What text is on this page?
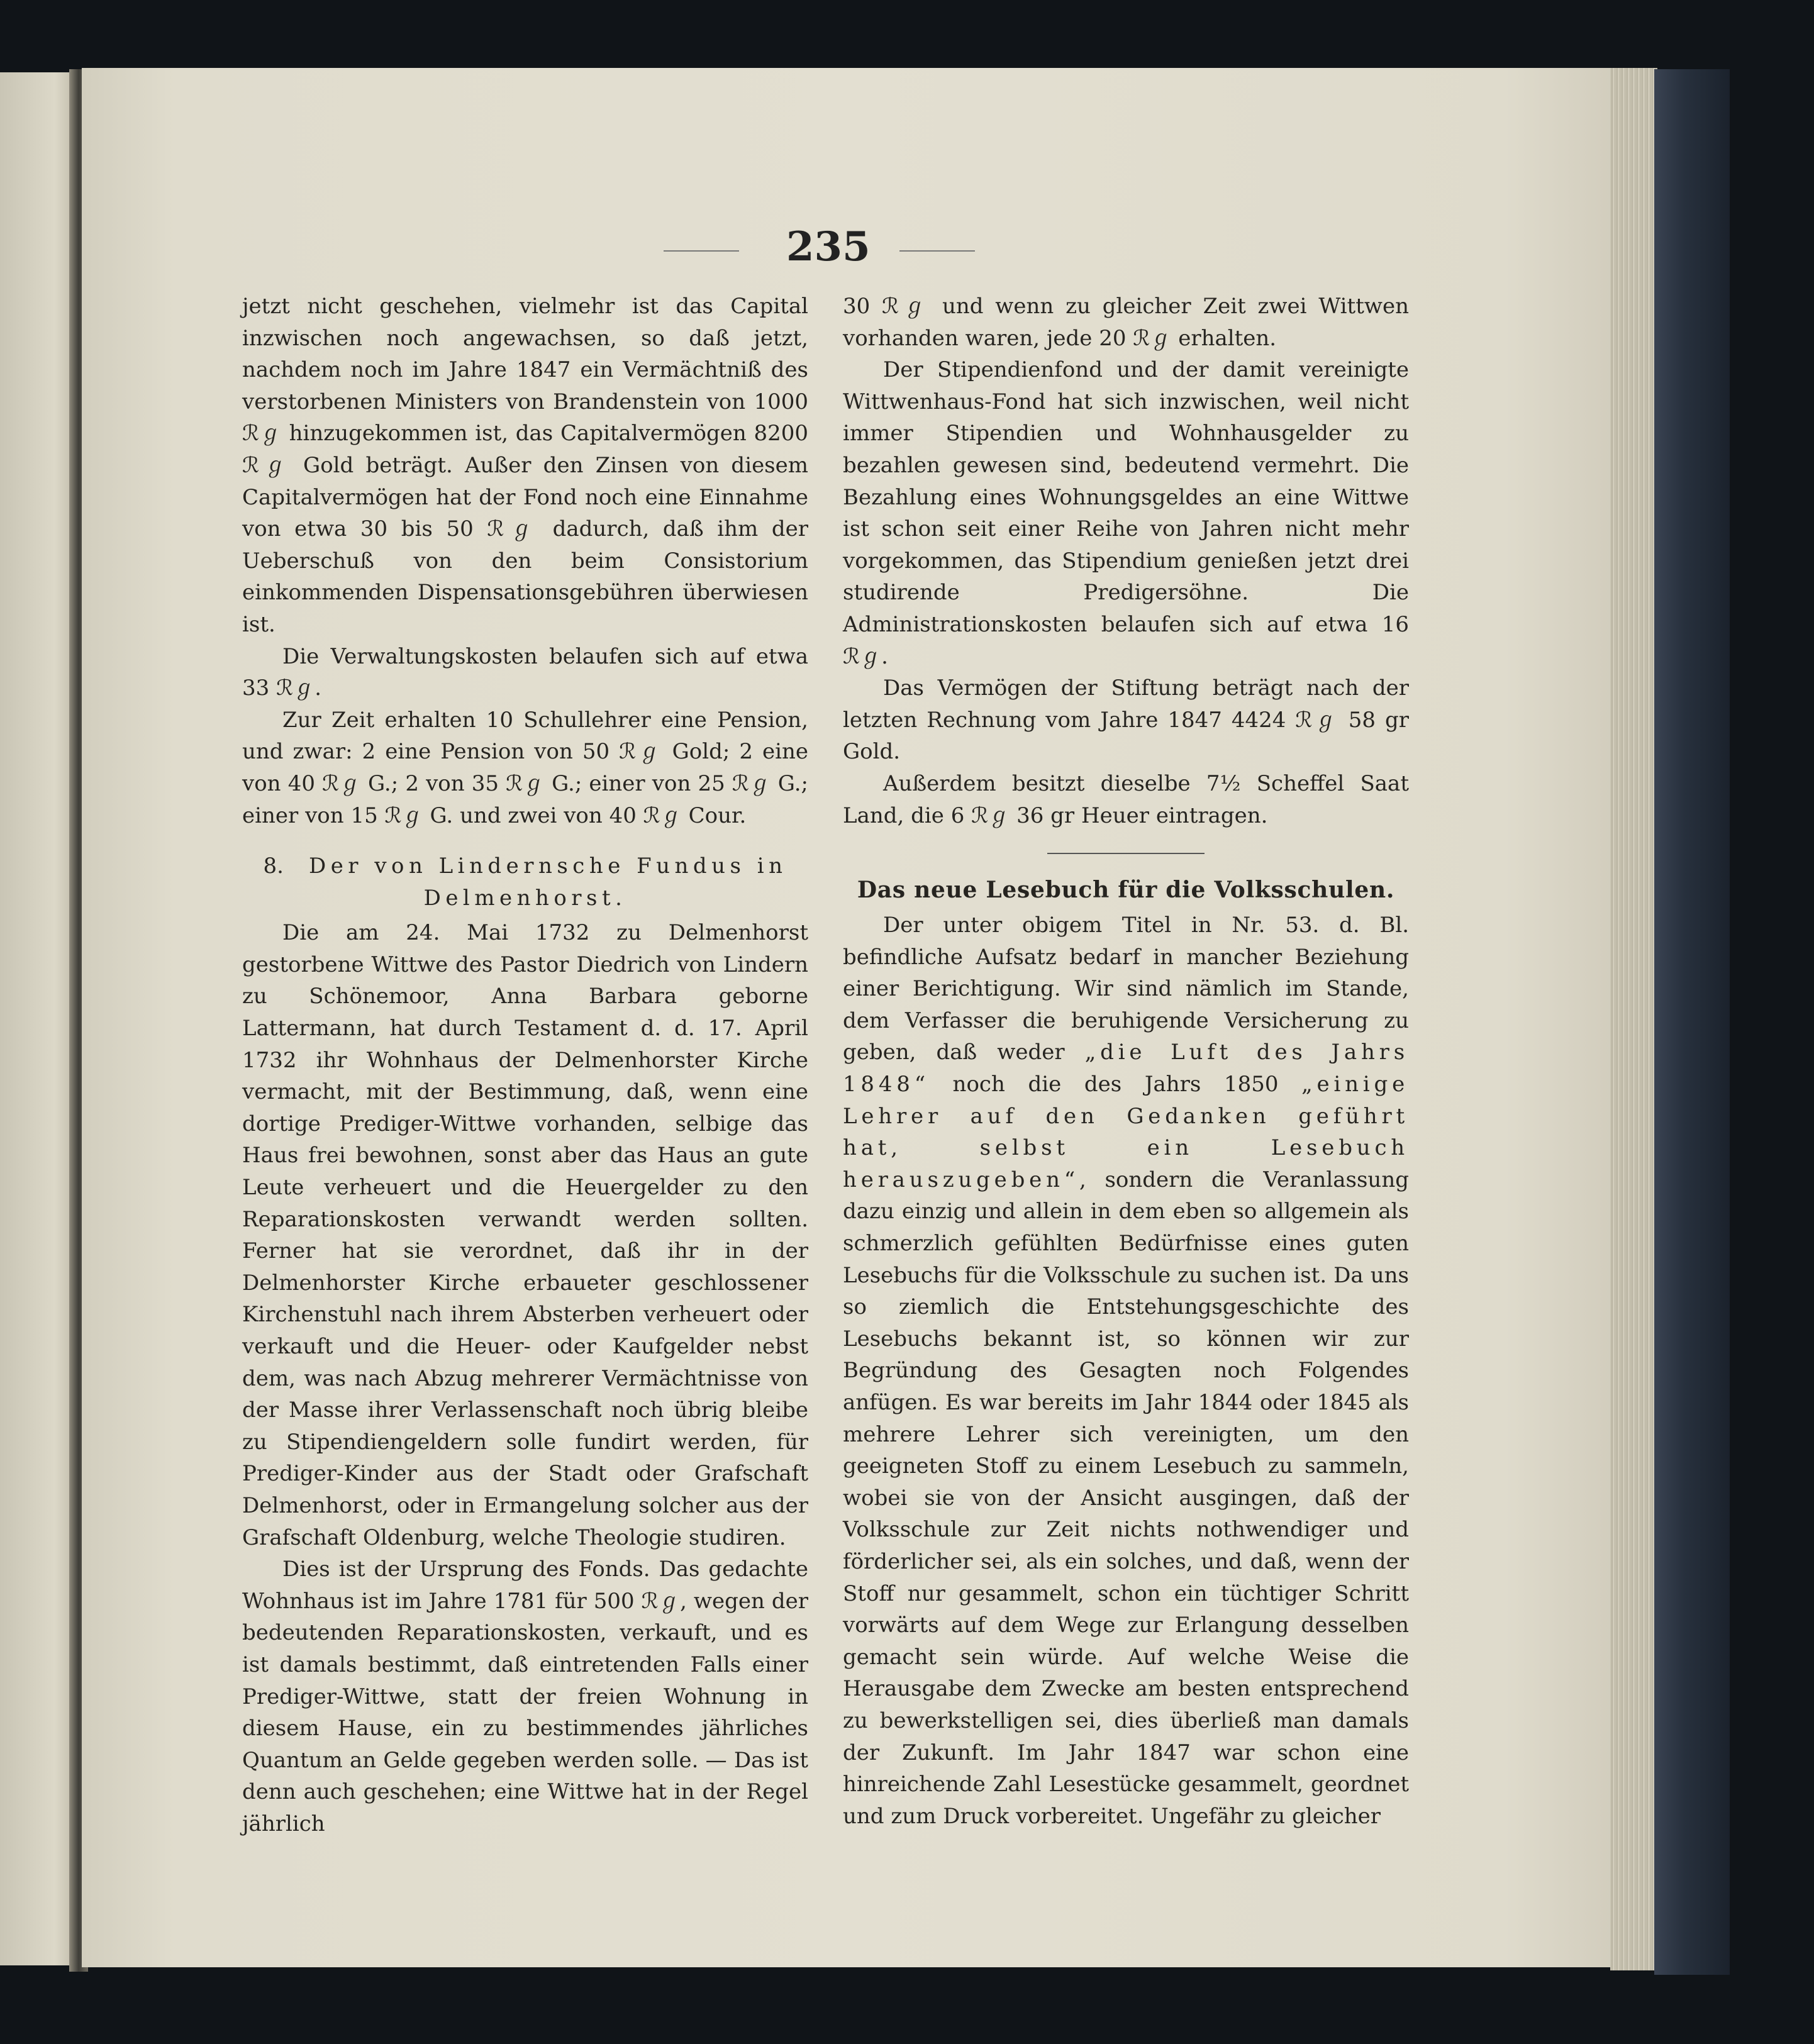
235

jetzt nicht geschehen, vielmehr ist das Capital inzwischen noch angewachsen, so daß jetzt, nachdem noch im Jahre 1847 ein Vermächtniß des verstorbenen Ministers von Brandenstein von 1000 ℛℊ hinzugekommen ist, das Capitalvermögen 8200 ℛℊ Gold beträgt. Außer den Zinsen von diesem Capitalvermögen hat der Fond noch eine Einnahme von etwa 30 bis 50 ℛℊ dadurch, daß ihm der Ueberschuß von den beim Consistorium einkommenden Dispensationsgebühren überwiesen ist.

Die Verwaltungskosten belaufen sich auf etwa 33 ℛℊ.

Zur Zeit erhalten 10 Schullehrer eine Pension, und zwar: 2 eine Pension von 50 ℛℊ Gold; 2 eine von 40 ℛℊ G.; 2 von 35 ℛℊ G.; einer von 25 ℛℊ G.; einer von 15 ℛℊ G. und zwei von 40 ℛℊ Cour.

8. Der von Lindernsche Fundus in Delmenhorst.

Die am 24. Mai 1732 zu Delmenhorst gestorbene Wittwe des Pastor Diedrich von Lindern zu Schönemoor, Anna Barbara geborne Lattermann, hat durch Testament d. d. 17. April 1732 ihr Wohnhaus der Delmenhorster Kirche vermacht, mit der Bestimmung, daß, wenn eine dortige Prediger-Wittwe vorhanden, selbige das Haus frei bewohnen, sonst aber das Haus an gute Leute verheuert und die Heuergelder zu den Reparationskosten verwandt werden sollten. Ferner hat sie verordnet, daß ihr in der Delmenhorster Kirche erbaueter geschlossener Kirchenstuhl nach ihrem Absterben verheuert oder verkauft und die Heuer- oder Kaufgelder nebst dem, was nach Abzug mehrerer Vermächtnisse von der Masse ihrer Verlassenschaft noch übrig bleibe zu Stipendiengeldern solle fundirt werden, für Prediger-Kinder aus der Stadt oder Grafschaft Delmenhorst, oder in Ermangelung solcher aus der Grafschaft Oldenburg, welche Theologie studiren.

Dies ist der Ursprung des Fonds. Das gedachte Wohnhaus ist im Jahre 1781 für 500 ℛℊ, wegen der bedeutenden Reparationskosten, verkauft, und es ist damals bestimmt, daß eintretenden Falls einer Prediger-Wittwe, statt der freien Wohnung in diesem Hause, ein zu bestimmendes jährliches Quantum an Gelde gegeben werden solle. — Das ist denn auch geschehen; eine Wittwe hat in der Regel jährlich

30 ℛℊ und wenn zu gleicher Zeit zwei Wittwen vorhanden waren, jede 20 ℛℊ erhalten.

Der Stipendienfond und der damit vereinigte Wittwenhaus-Fond hat sich inzwischen, weil nicht immer Stipendien und Wohnhausgelder zu bezahlen gewesen sind, bedeutend vermehrt. Die Bezahlung eines Wohnungsgeldes an eine Wittwe ist schon seit einer Reihe von Jahren nicht mehr vorgekommen, das Stipendium genießen jetzt drei studirende Predigersöhne. Die Administrationskosten belaufen sich auf etwa 16 ℛℊ.

Das Vermögen der Stiftung beträgt nach der letzten Rechnung vom Jahre 1847 4424 ℛℊ 58 gr Gold.

Außerdem besitzt dieselbe 7½ Scheffel Saat Land, die 6 ℛℊ 36 gr Heuer eintragen.

Das neue Lesebuch für die Volksschulen.

Der unter obigem Titel in Nr. 53. d. Bl. befindliche Aufsatz bedarf in mancher Beziehung einer Berichtigung. Wir sind nämlich im Stande, dem Verfasser die beruhigende Versicherung zu geben, daß weder „die Luft des Jahrs 1848“ noch die des Jahrs 1850 „einige Lehrer auf den Gedanken geführt hat, selbst ein Lesebuch herauszugeben“, sondern die Veranlassung dazu einzig und allein in dem eben so allgemein als schmerzlich gefühlten Bedürfnisse eines guten Lesebuchs für die Volksschule zu suchen ist. Da uns so ziemlich die Entstehungsgeschichte des Lesebuchs bekannt ist, so können wir zur Begründung des Gesagten noch Folgendes anfügen. Es war bereits im Jahr 1844 oder 1845 als mehrere Lehrer sich vereinigten, um den geeigneten Stoff zu einem Lesebuch zu sammeln, wobei sie von der Ansicht ausgingen, daß der Volksschule zur Zeit nichts nothwendiger und förderlicher sei, als ein solches, und daß, wenn der Stoff nur gesammelt, schon ein tüchtiger Schritt vorwärts auf dem Wege zur Erlangung desselben gemacht sein würde. Auf welche Weise die Herausgabe dem Zwecke am besten entsprechend zu bewerkstelligen sei, dies überließ man damals der Zukunft. Im Jahr 1847 war schon eine hinreichende Zahl Lesestücke gesammelt, geordnet und zum Druck vorbereitet. Ungefähr zu gleicher
